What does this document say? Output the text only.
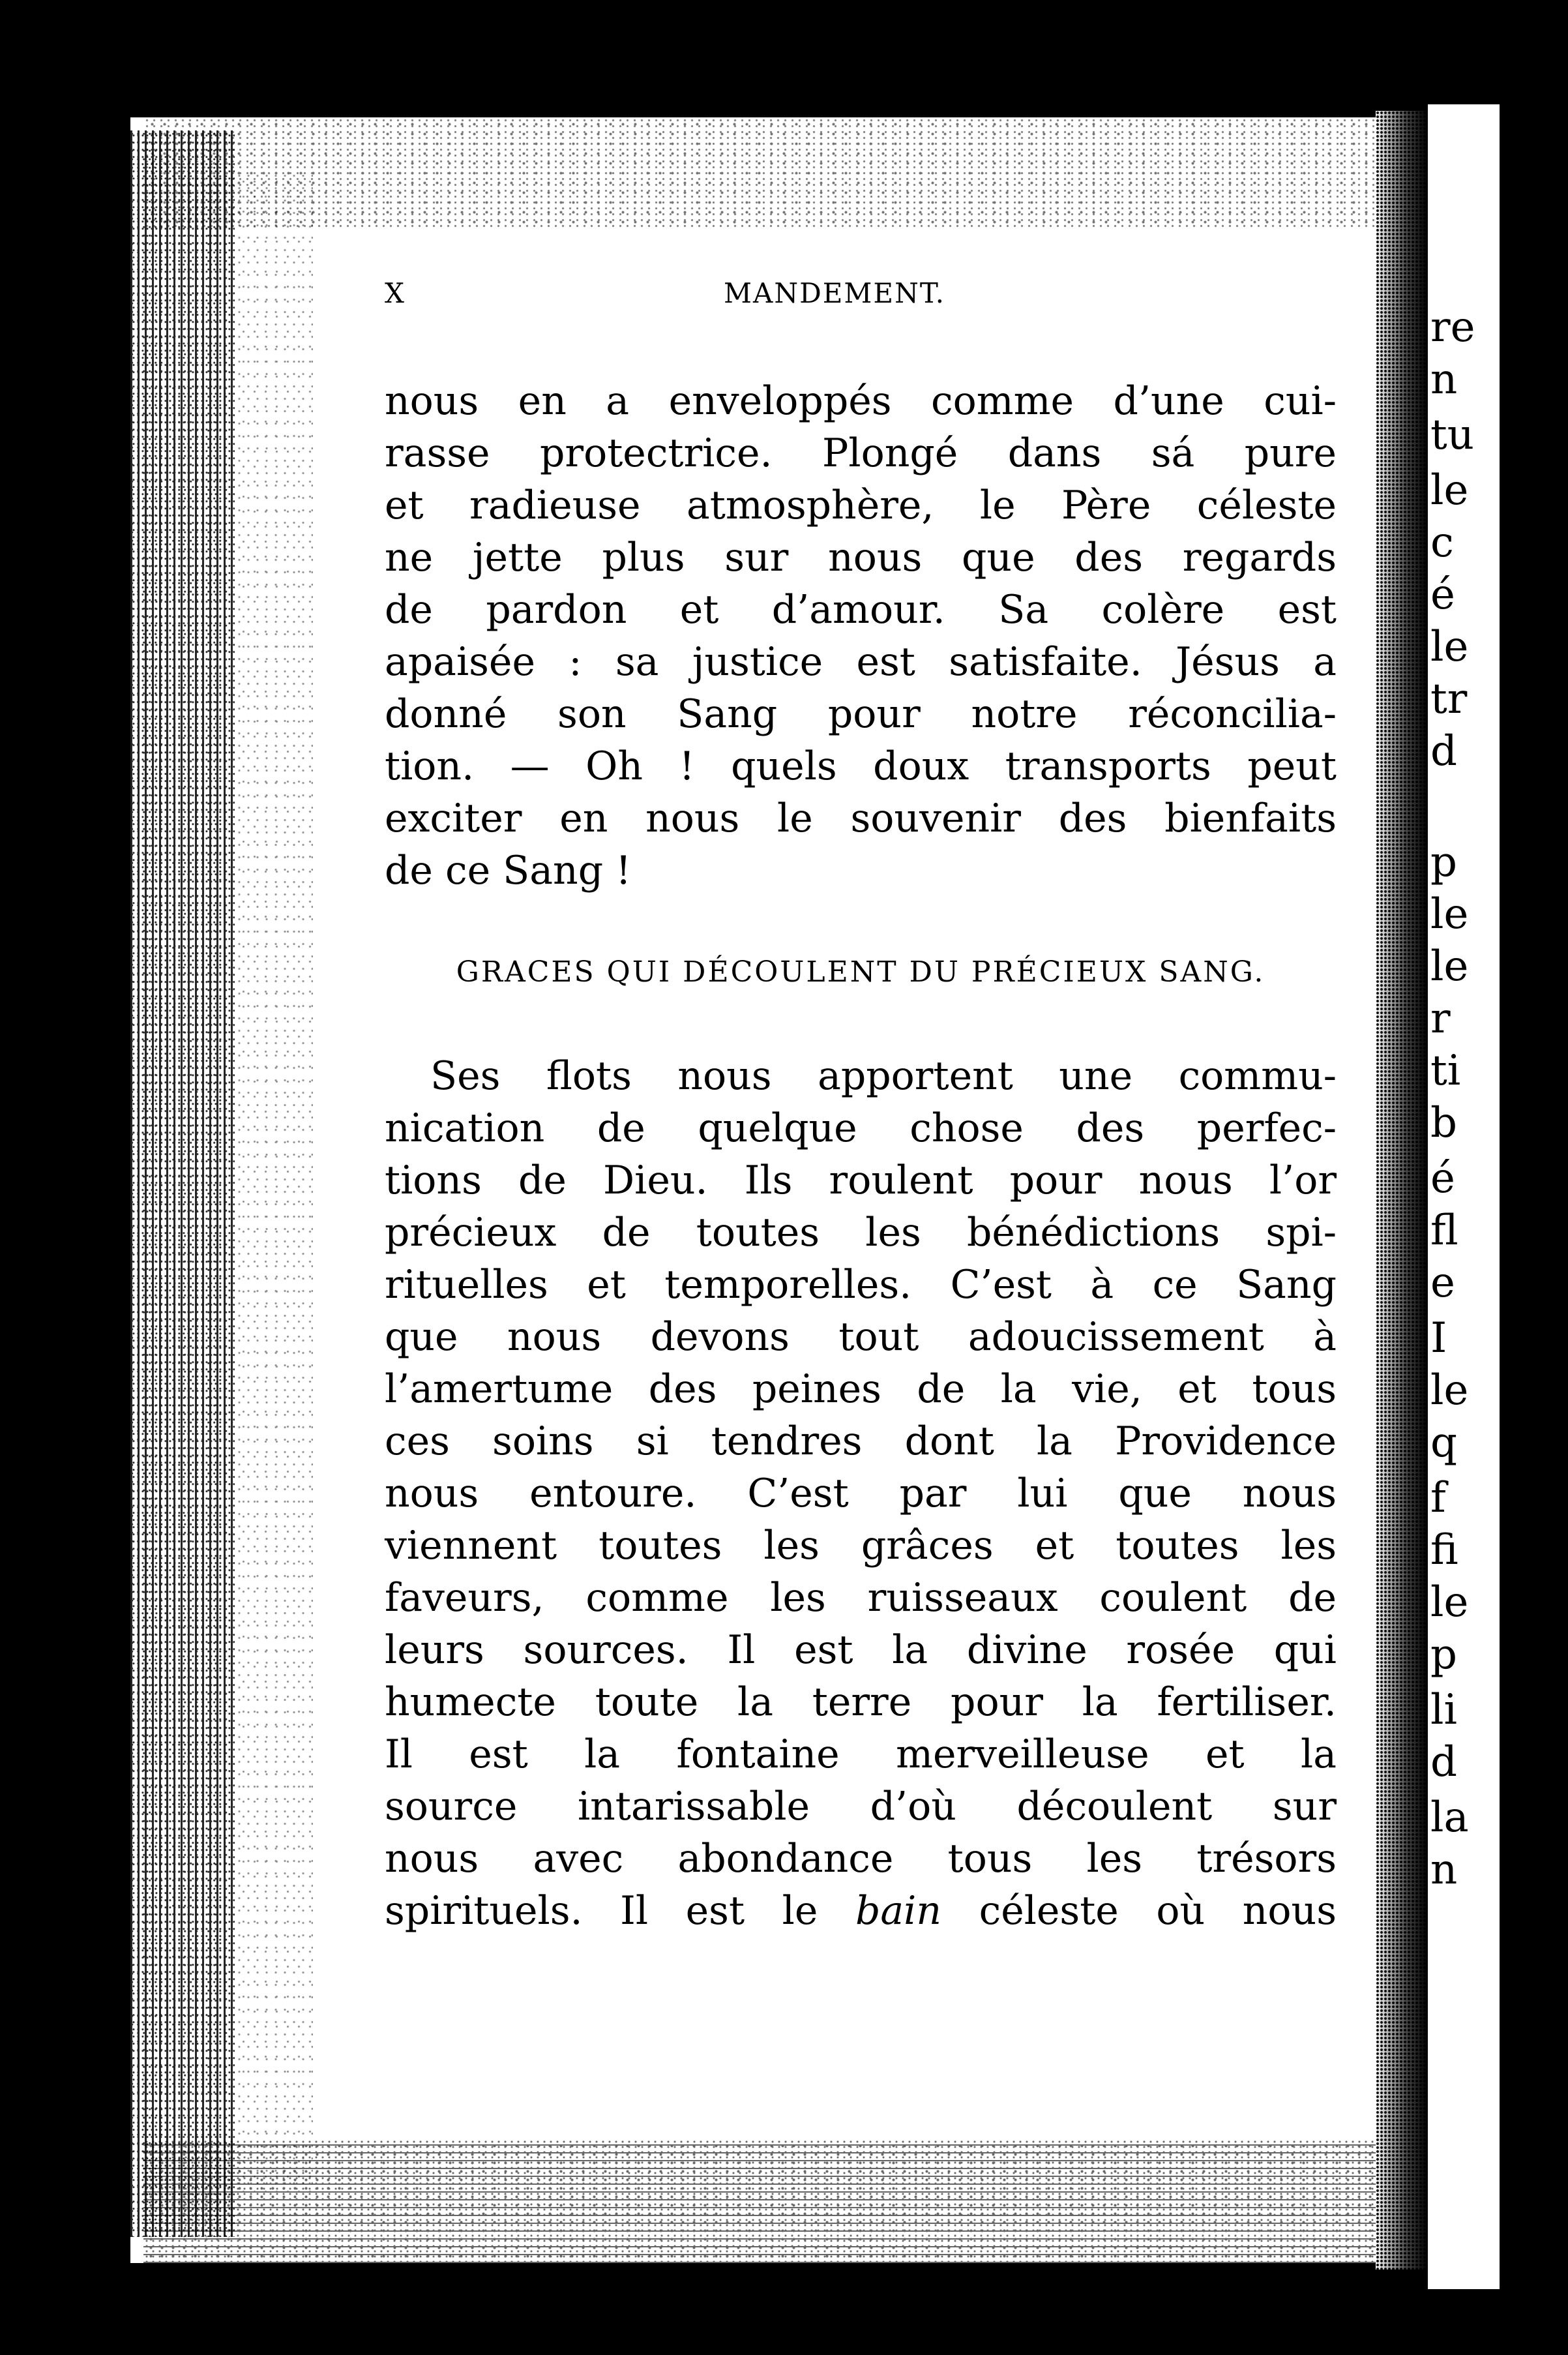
re
n
tu
le
c
é
le
tr
d
p
le
le
r
ti
b
é
fl
e
I
le
q
f
fi
le
p
li
d
la
n
X	MANDEMENT.
nous en a enveloppés comme d’une cui-
rasse protectrice. Plongé dans sá pure
et radieuse atmosphère, le Père céleste
ne jette plus sur nous que des regards
de pardon et d’amour. Sa colère est
apaisée : sa justice est satisfaite. Jésus a
donné son Sang pour notre réconcilia-
tion. — Oh ! quels doux transports peut
exciter en nous le souvenir des bienfaits
de ce Sang !
GRACES QUI DÉCOULENT DU PRÉCIEUX SANG.
Ses flots nous apportent une commu-
nication de quelque chose des perfec-
tions de Dieu. Ils roulent pour nous l’or
précieux de toutes les bénédictions spi-
rituelles et temporelles. C’est à ce Sang
que nous devons tout adoucissement à
l’amertume des peines de la vie, et tous
ces soins si tendres dont la Providence
nous entoure. C’est par lui que nous
viennent toutes les grâces et toutes les
faveurs, comme les ruisseaux coulent de
leurs sources. Il est la divine rosée qui
humecte toute la terre pour la fertiliser.
Il est la fontaine merveilleuse et la
source intarissable d’où découlent sur
nous avec abondance tous les trésors
spirituels. Il est le bain céleste où nous
